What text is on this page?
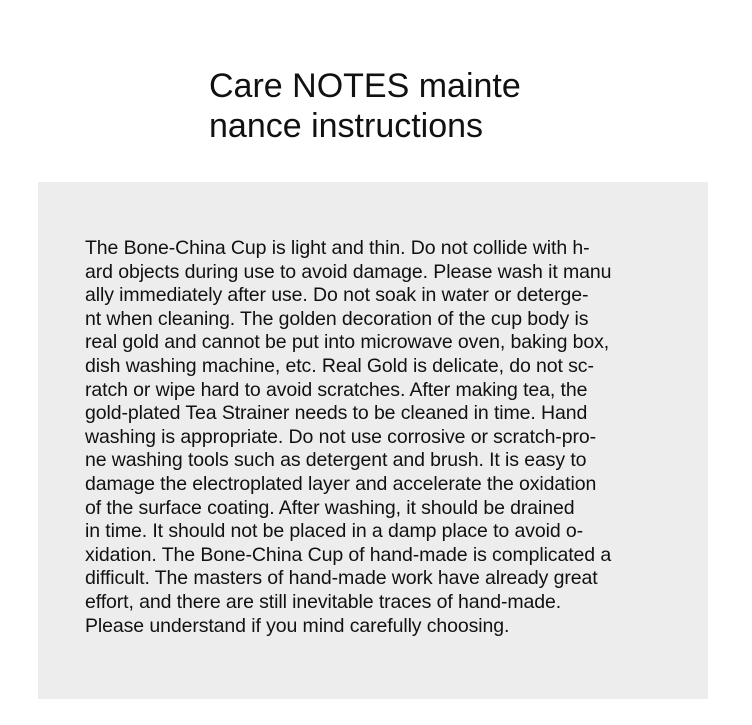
Care NOTES mainte
nance instructions

The Bone-China Cup is light and thin. Do not collide with h-
ard objects during use to avoid damage. Please wash it manu
ally immediately after use. Do not soak in water or deterge-
nt when cleaning. The golden decoration of the cup body is
real gold and cannot be put into microwave oven, baking box,
dish washing machine, etc. Real Gold is delicate, do not sc-
ratch or wipe hard to avoid scratches. After making tea, the
gold-plated Tea Strainer needs to be cleaned in time. Hand
washing is appropriate. Do not use corrosive or scratch-pro-
ne washing tools such as detergent and brush. It is easy to
damage the electroplated layer and accelerate the oxidation
of the surface coating. After washing, it should be drained
in time. It should not be placed in a damp place to avoid o-
xidation. The Bone-China Cup of hand-made is complicated a
difficult. The masters of hand-made work have already great
effort, and there are still inevitable traces of hand-made.
Please understand if you mind carefully choosing.
